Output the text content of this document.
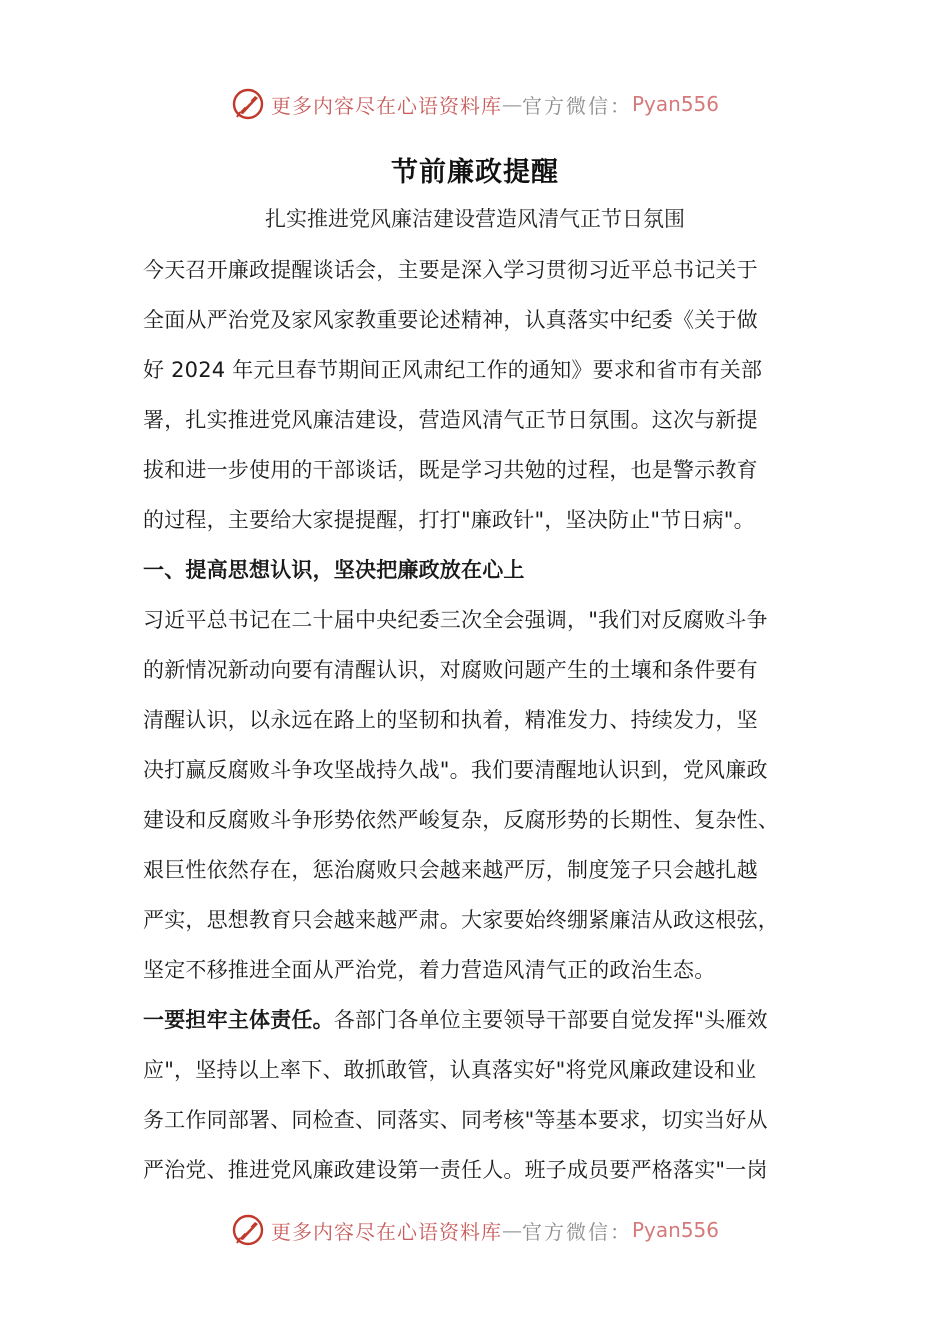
更多内容尽在心语资料库 — 官方微信： Pyan556
节前廉政提醒
扎实推进党风廉洁建设营造风清气正节日氛围
今天召开廉政提醒谈话会，主要是深入学习贯彻习近平总书记关于
全面从严治党及家风家教重要论述精神，认真落实中纪委《关于做
好 2024 年元旦春节期间正风肃纪工作的通知》要求和省市有关部
署，扎实推进党风廉洁建设，营造风清气正节日氛围。这次与新提
拔和进一步使用的干部谈话，既是学习共勉的过程，也是警示教育
的过程，主要给大家提提醒，打打"廉政针"，坚决防止"节日病"。
一、提高思想认识，坚决把廉政放在心上
习近平总书记在二十届中央纪委三次全会强调，"我们对反腐败斗争
的新情况新动向要有清醒认识，对腐败问题产生的土壤和条件要有
清醒认识，以永远在路上的坚韧和执着，精准发力、持续发力，坚
决打赢反腐败斗争攻坚战持久战"。我们要清醒地认识到，党风廉政
建设和反腐败斗争形势依然严峻复杂，反腐形势的长期性、复杂性、
艰巨性依然存在，惩治腐败只会越来越严厉，制度笼子只会越扎越
严实，思想教育只会越来越严肃。大家要始终绷紧廉洁从政这根弦，
坚定不移推进全面从严治党，着力营造风清气正的政治生态。
一要担牢主体责任。各部门各单位主要领导干部要自觉发挥"头雁效
应"，坚持以上率下、敢抓敢管，认真落实好"将党风廉政建设和业
务工作同部署、同检查、同落实、同考核"等基本要求，切实当好从
严治党、推进党风廉政建设第一责任人。班子成员要严格落实"一岗
更多内容尽在心语资料库 — 官方微信： Pyan556
